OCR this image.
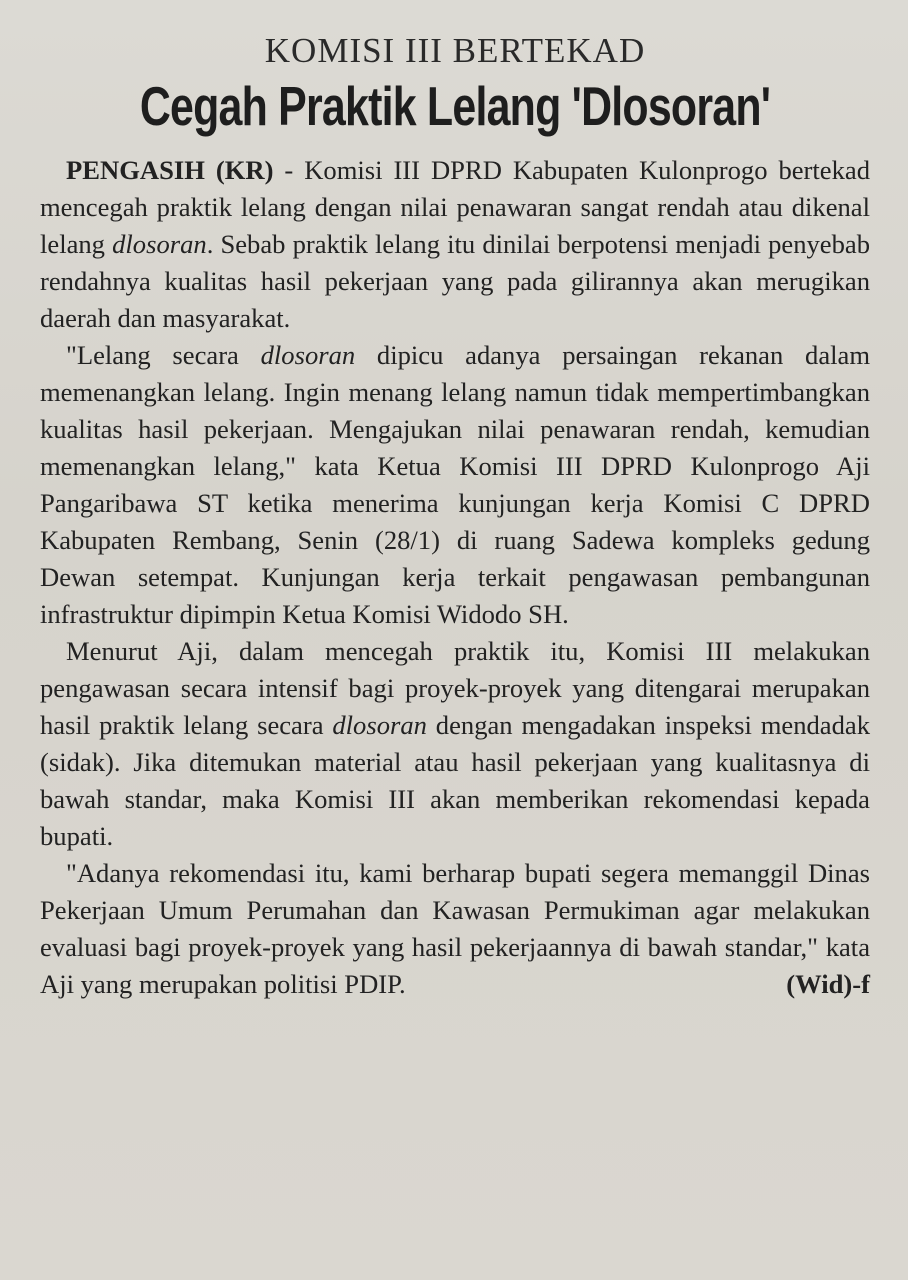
KOMISI III BERTEKAD
Cegah Praktik Lelang 'Dlosoran'

PENGASIH (KR) - Komisi III DPRD Kabupaten Kulonprogo bertekad mencegah praktik lelang dengan nilai penawaran sangat rendah atau dikenal lelang dlosoran. Sebab praktik lelang itu dinilai berpotensi menjadi penyebab rendahnya kualitas hasil pekerjaan yang pada gilirannya akan merugikan daerah dan masyarakat.

"Lelang secara dlosoran dipicu adanya persaingan rekanan dalam memenangkan lelang. Ingin menang lelang namun tidak mempertimbangkan kualitas hasil pekerjaan. Mengajukan nilai penawaran rendah, kemudian memenangkan lelang," kata Ketua Komisi III DPRD Kulonprogo Aji Pangaribawa ST ketika menerima kunjungan kerja Komisi C DPRD Kabupaten Rembang, Senin (28/1) di ruang Sadewa kompleks gedung Dewan setempat. Kunjungan kerja terkait pengawasan pembangunan infrastruktur dipimpin Ketua Komisi Widodo SH.

Menurut Aji, dalam mencegah praktik itu, Komisi III melakukan pengawasan secara intensif bagi proyek-proyek yang ditengarai merupakan hasil praktik lelang secara dlosoran dengan mengadakan inspeksi mendadak (sidak). Jika ditemukan material atau hasil pekerjaan yang kualitasnya di bawah standar, maka Komisi III akan memberikan rekomendasi kepada bupati.

"Adanya rekomendasi itu, kami berharap bupati segera memanggil Dinas Pekerjaan Umum Perumahan dan Kawasan Permukiman agar melakukan evaluasi bagi proyek-proyek yang hasil pekerjaannya di bawah standar," kata Aji yang merupakan politisi PDIP.	(Wid)-f
